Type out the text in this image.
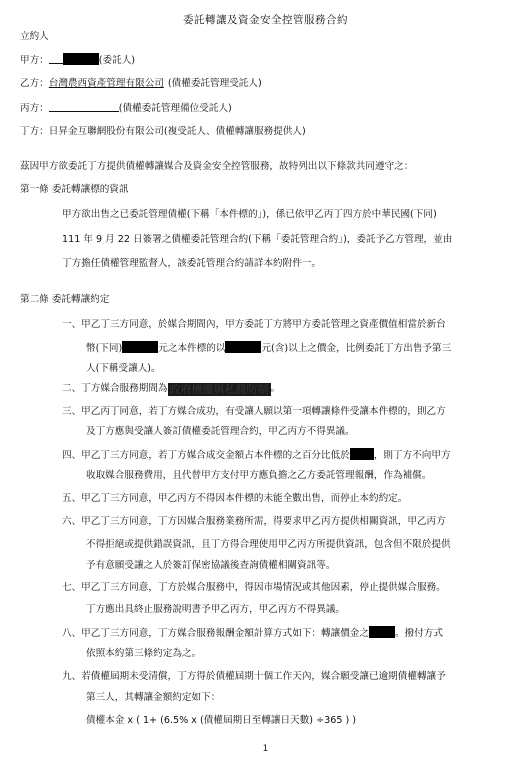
委託轉讓及資金安全控管服務合約
立約人
甲方：	(委託人)
乙方：台灣農西資產管理有限公司 (債權委託管理受託人)
丙方：	(債權委託管理備位受託人)
丁方：日昇金互聯網股份有限公司(複受託人、債權轉讓服務提供人)
茲因甲方欲委託丁方提供債權轉讓媒合及資金安全控管服務，故特列出以下條款共同遵守之：
第一條 委託轉讓標的資訊
甲方欲出售之已委託管理債權(下稱「本件標的」)，係已依甲乙丙丁四方於中華民國(下同)
111 年 9 月 22 日簽署之債權委託管理合約(下稱「委託管理合約」)，委託予乙方管理，並由
丁方擔任債權管理監督人，該委託管理合約請詳本約附件一。
第二條 委託轉讓約定
一、甲乙丁三方同意，於媒合期間內，甲方委託丁方將甲方委託管理之資產價值相當於新台
幣(下同)	元之本件標的以	元(含)以上之價金，比例委託丁方出售予第三
人(下稱受讓人)。
二、丁方媒合服務期間為 政府機關與私錢防制 。
三、甲乙丙丁同意，若丁方媒合成功，有受讓人願以第一項轉讓條件受讓本件標的，則乙方
及丁方應與受讓人簽訂債權委託管理合約，甲乙丙方不得異議。
四、甲乙丁三方同意，若丁方媒合成交金額占本件標的之百分比低於	，則丁方不向甲方
收取媒合服務費用，且代替甲方支付甲方應負擔之乙方委託管理報酬，作為補償。
五、甲乙丁三方同意，甲乙丙方不得因本件標的未能全數出售，而停止本約約定。
六、甲乙丁三方同意，丁方因媒合服務業務所需，得要求甲乙丙方提供相關資訊，甲乙丙方
不得拒絕或提供錯誤資訊，且丁方得合理使用甲乙丙方所提供資訊，包含但不限於提供
予有意願受讓之人於簽訂保密協議後查詢債權相關資訊等。
七、甲乙丁三方同意，丁方於媒合服務中，得因市場情況或其他因素，停止提供媒合服務。
丁方應出具終止服務說明書予甲乙丙方，甲乙丙方不得異議。
八、甲乙丁三方同意，丁方媒合服務報酬金額計算方式如下：轉讓價金之	。撥付方式
依照本約第三條約定為之。
九、若債權屆期未受清償，丁方得於債權屆期十個工作天內，媒合願受讓已逾期債權轉讓予
第三人，其轉讓金額約定如下：
債權本金 x ( 1+ (6.5% x (債權屆期日至轉讓日天數) ÷365 ) )
1
